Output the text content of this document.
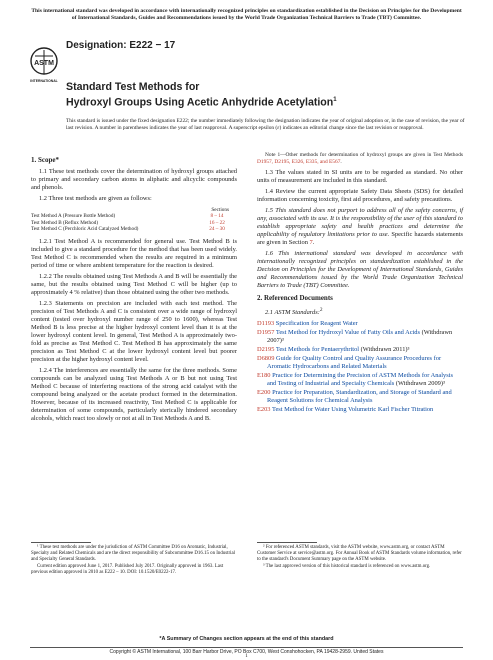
This international standard was developed in accordance with internationally recognized principles on standardization established in the Decision on Principles for the Development of International Standards, Guides and Recommendations issued by the World Trade Organization Technical Barriers to Trade (TBT) Committee.
ASTM
INTERNATIONAL
Designation: E222 − 17
Standard Test Methods for
Hydroxyl Groups Using Acetic Anhydride Acetylation$^1$
This standard is issued under the fixed designation E222; the number immediately following the designation indicates the year of original adoption or, in the case of revision, the year of last revision. A number in parentheses indicates the year of last reapproval. A superscript epsilon (ε) indicates an editorial change since the last revision or reapproval.
1. Scope*

1.1 These test methods cover the determination of hydroxyl groups attached to primary and secondary carbon atoms in aliphatic and alicyclic compounds and phenols.

1.2 Three test methods are given as follows:

Sections
Test Method A (Pressure Bottle Method)	8 – 14
Test Method B (Reflux Method)	16 – 22
Test Method C (Perchloric Acid Catalyzed Method)	24 – 30

1.2.1 Test Method A is recommended for general use. Test Method B is included to give a standard procedure for the method that has been used widely. Test Method C is recommended when the results are required in a minimum period of time or where ambient temperature for the reaction is desired.

1.2.2 The results obtained using Test Methods A and B will be essentially the same, but the results obtained using Test Method C will be higher (up to approximately 4 % relative) than those obtained using the other two methods.

1.2.3 Statements on precision are included with each test method. The precision of Test Methods A and C is consistent over a wide range of hydroxyl content (tested over hydroxyl number range of 250 to 1600), whereas Test Method B is less precise at the higher hydroxyl content level than it is at the lower hydroxyl content level. In general, Test Method A is approximately two-fold as precise as Test Method C. Test Method B has approximately the same precision as Test Method C at the lower hydroxyl content level but poorer precision at the higher hydroxyl content level.

1.2.4 The interferences are essentially the same for the three methods. Some compounds can be analyzed using Test Methods A or B but not using Test Method C because of interfering reactions of the strong acid catalyst with the compound being analyzed or the acetate product formed in the determination. However, because of its increased reactivity, Test Method C is applicable for determination of some compounds, particularly sterically hindered secondary alcohols, which react too slowly or not at all in Test Methods A and B.

Note 1—Other methods for determination of hydroxyl groups are given in Test Methods D1957, D2195, E326, E335, and E567.

1.3 The values stated in SI units are to be regarded as standard. No other units of measurement are included in this standard.

1.4 Review the current appropriate Safety Data Sheets (SDS) for detailed information concerning toxicity, first aid procedures, and safety precautions.

1.5 This standard does not purport to address all of the safety concerns, if any, associated with its use. It is the responsibility of the user of this standard to establish appropriate safety and health practices and determine the applicability of regulatory limitations prior to use. Specific hazards statements are given in Section 7.

1.6 This international standard was developed in accordance with internationally recognized principles on standardization established in the Decision on Principles for the Development of International Standards, Guides and Recommendations issued by the World Trade Organization Technical Barriers to Trade (TBT) Committee.

2. Referenced Documents

2.1 ASTM Standards:$^2$

D1193 Specification for Reagent Water
D1957 Test Method for Hydroxyl Value of Fatty Oils and Acids (Withdrawn 2007)³
D2195 Test Methods for Pentaerythritol (Withdrawn 2011)³
D6809 Guide for Quality Control and Quality Assurance Procedures for Aromatic Hydrocarbons and Related Materials
E180 Practice for Determining the Precision of ASTM Methods for Analysis and Testing of Industrial and Specialty Chemicals (Withdrawn 2009)³
E200 Practice for Preparation, Standardization, and Storage of Standard and Reagent Solutions for Chemical Analysis
E203 Test Method for Water Using Volumetric Karl Fischer Titration

¹ These test methods are under the jurisdiction of ASTM Committee D16 on Aromatic, Industrial, Specialty and Related Chemicals and are the direct responsibility of Subcommittee D16.15 on Industrial and Specialty General Standards.

Current edition approved June 1, 2017. Published July 2017. Originally approved in 1963. Last previous edition approved in 2010 as E222 – 10. DOI: 10.1520/E0222-17.

² For referenced ASTM standards, visit the ASTM website, www.astm.org, or contact ASTM Customer Service at service@astm.org. For Annual Book of ASTM Standards volume information, refer to the standard's Document Summary page on the ASTM website.

³ The last approved version of this historical standard is referenced on www.astm.org.

*A Summary of Changes section appears at the end of this standard
Copyright © ASTM International, 100 Barr Harbor Drive, PO Box C700, West Conshohocken, PA 19428-2959. United States
1
